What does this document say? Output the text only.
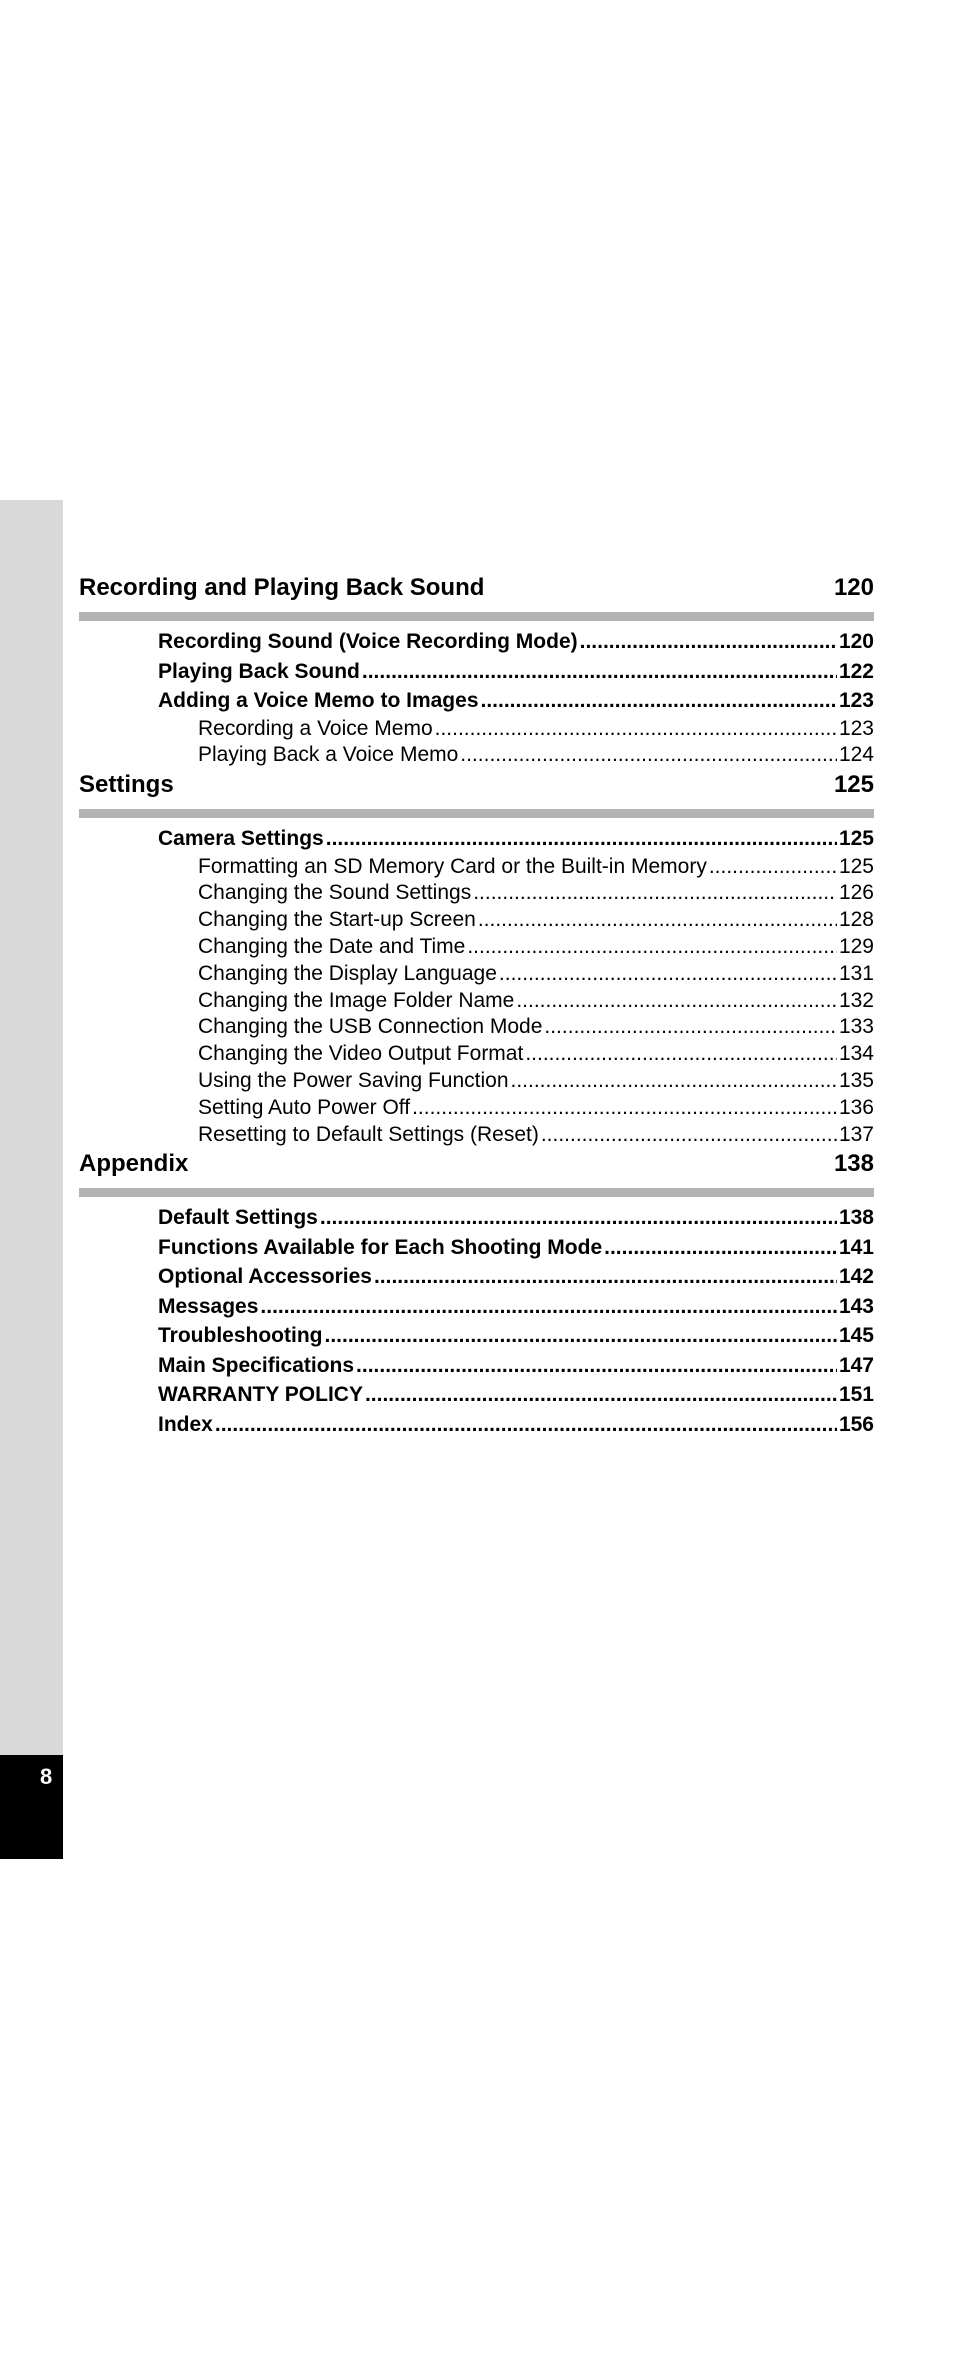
8
Recording and Playing Back Sound	120
Recording Sound (Voice Recording Mode) .....	120
Playing Back Sound .....	122
Adding a Voice Memo to Images .....	123
Recording a Voice Memo .....	123
Playing Back a Voice Memo .....	124
Settings	125
Camera Settings .....	125
Formatting an SD Memory Card or the Built-in Memory .....	125
Changing the Sound Settings .....	126
Changing the Start-up Screen .....	128
Changing the Date and Time .....	129
Changing the Display Language .....	131
Changing the Image Folder Name .....	132
Changing the USB Connection Mode .....	133
Changing the Video Output Format .....	134
Using the Power Saving Function .....	135
Setting Auto Power Off .....	136
Resetting to Default Settings (Reset) .....	137
Appendix	138
Default Settings .....	138
Functions Available for Each Shooting Mode .....	141
Optional Accessories .....	142
Messages .....	143
Troubleshooting .....	145
Main Specifications .....	147
WARRANTY POLICY .....	151
Index .....	156
